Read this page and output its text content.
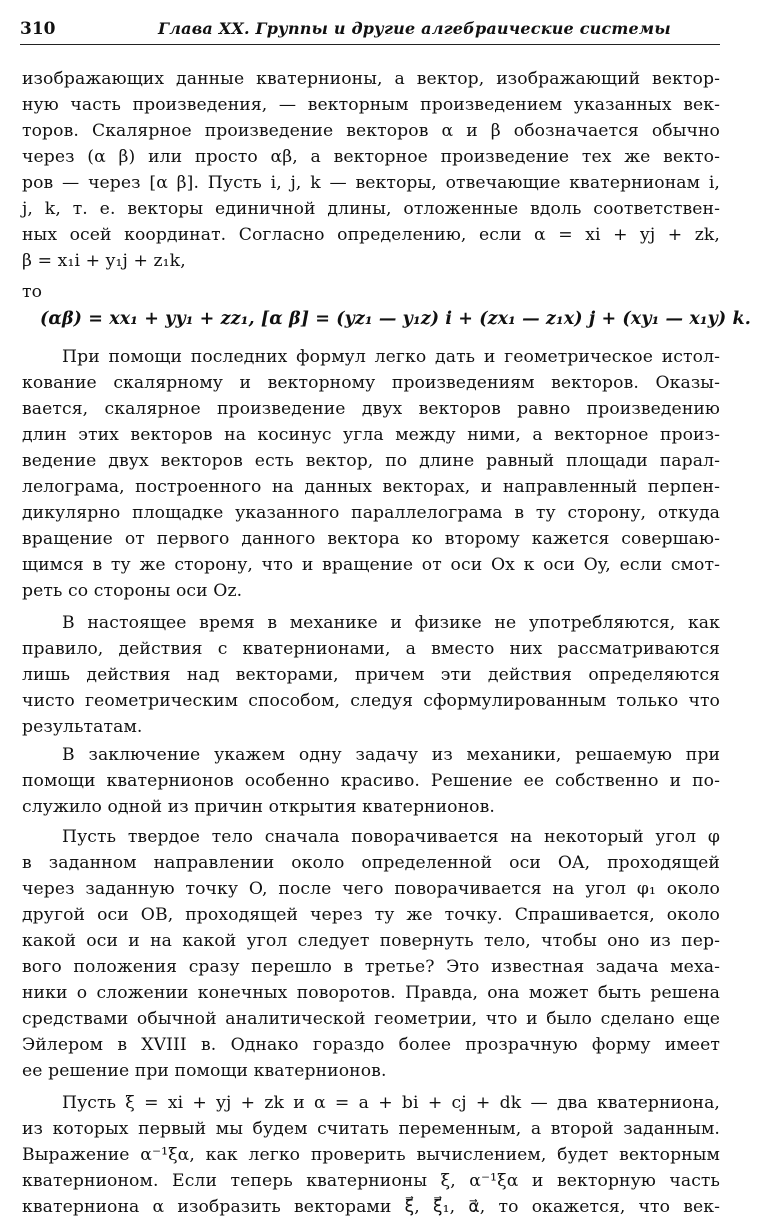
310	Глава XX. Группы и другие алгебраические системы
изображающих данные кватернионы, а вектор, изображающий вектор-
ную часть произведения, — векторным произведением указанных век-
торов. Скалярное произведение векторов α и β обозначается обычно
через (α β) или просто αβ, а векторное произведение тех же векто-
ров — через [α β]. Пусть i, j, k — векторы, отвечающие кватернионам i,
j, k, т. е. векторы единичной длины, отложенные вдоль соответствен-
ных осей координат. Согласно определению, если α = xi + yj + zk,
β = x₁i + y₁j + z₁k,
то
(αβ) = xx₁ + yy₁ + zz₁, [α β] = (yz₁ — y₁z) i + (zx₁ — z₁x) j + (xy₁ — x₁y) k.
При помощи последних формул легко дать и геометрическое истол-
кование скалярному и векторному произведениям векторов. Оказы-
вается, скалярное произведение двух векторов равно произведению
длин этих векторов на косинус угла между ними, а векторное произ-
ведение двух векторов есть вектор, по длине равный площади парал-
лелограма, построенного на данных векторах, и направленный перпен-
дикулярно площадке указанного параллелограма в ту сторону, откуда
вращение от первого данного вектора ко второму кажется совершаю-
щимся в ту же сторону, что и вращение от оси Ox к оси Oy, если смот-
реть со стороны оси Oz.
В настоящее время в механике и физике не употребляются, как
правило, действия с кватернионами, а вместо них рассматриваются
лишь действия над векторами, причем эти действия определяются
чисто геометрическим способом, следуя сформулированным только что
результатам.
В заключение укажем одну задачу из механики, решаемую при
помощи кватернионов особенно красиво. Решение ее собственно и по-
служило одной из причин открытия кватернионов.
Пусть твердое тело сначала поворачивается на некоторый угол φ
в заданном направлении около определенной оси OA, проходящей
через заданную точку O, после чего поворачивается на угол φ₁ около
другой оси OB, проходящей через ту же точку. Спрашивается, около
какой оси и на какой угол следует повернуть тело, чтобы оно из пер-
вого положения сразу перешло в третье? Это известная задача меха-
ники о сложении конечных поворотов. Правда, она может быть решена
средствами обычной аналитической геометрии, что и было сделано еще
Эйлером в XVIII в. Однако гораздо более прозрачную форму имеет
ее решение при помощи кватернионов.
Пусть ξ = xi + yj + zk и α = a + bi + cj + dk — два кватерниона,
из которых первый мы будем считать переменным, а второй заданным.
Выражение α⁻¹ξα, как легко проверить вычислением, будет векторным
кватернионом. Если теперь кватернионы ξ, α⁻¹ξα и векторную часть
кватерниона α изобразить векторами ξ⃗, ξ⃗₁, α⃗, то окажется, что век-
